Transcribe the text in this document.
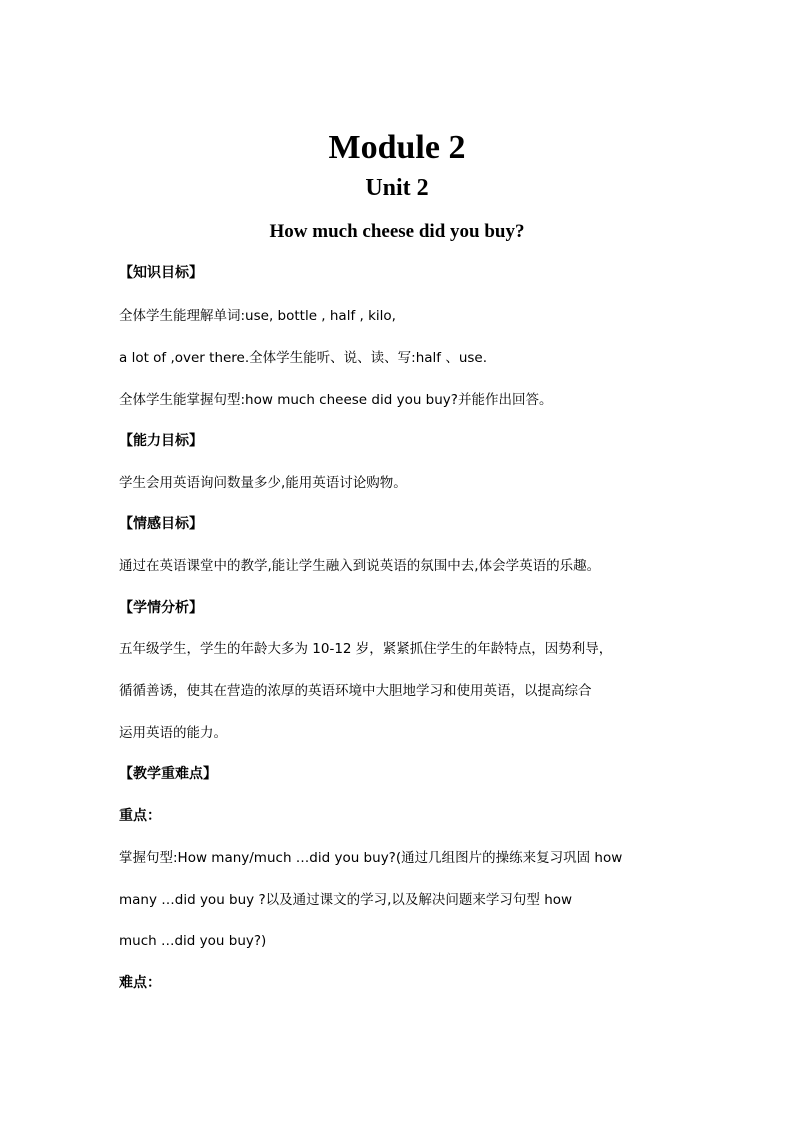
Module 2
Unit 2
How much cheese did you buy?
【知识目标】
全体学生能理解单词:use, bottle , half , kilo,
a lot of ,over there.全体学生能听、说、读、写:half 、use.
全体学生能掌握句型:how much cheese did you buy?并能作出回答。
【能力目标】
学生会用英语询问数量多少,能用英语讨论购物。
【情感目标】
通过在英语课堂中的教学,能让学生融入到说英语的氛围中去,体会学英语的乐趣。
【学情分析】
五年级学生，学生的年龄大多为 10-12 岁，紧紧抓住学生的年龄特点，因势利导，
循循善诱，使其在营造的浓厚的英语环境中大胆地学习和使用英语，以提高综合
运用英语的能力。
【教学重难点】
重点：
掌握句型:How many/much …did you buy?(通过几组图片的操练来复习巩固 how
many …did you buy ?以及通过课文的学习,以及解决问题来学习句型 how
much …did you buy?)
难点：
